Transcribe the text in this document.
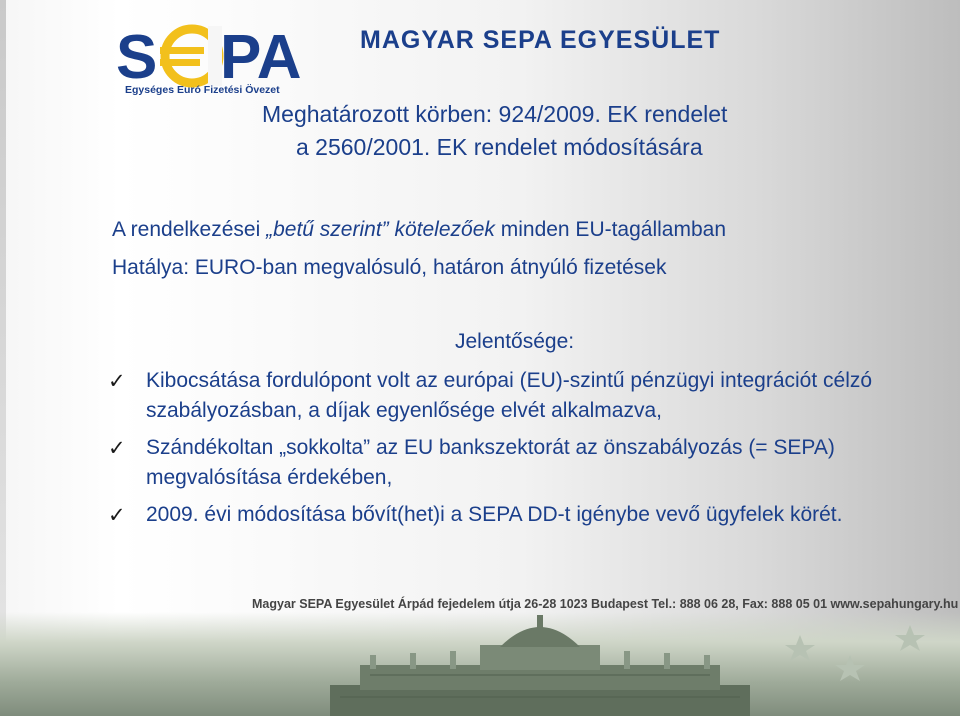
S PA
Egységes Euró Fizetési Övezet
MAGYAR SEPA EGYESÜLET
Meghatározott körben: 924/2009. EK rendelet
a 2560/2001. EK rendelet módosítására
A rendelkezései „betű szerint” kötelezőek minden EU-tagállamban
Hatálya: EURO-ban megvalósuló, határon átnyúló fizetések
Jelentősége:
✓ Kibocsátása fordulópont volt az európai (EU)-szintű pénzügyi integrációt célzó szabályozásban, a díjak egyenlősége elvét alkalmazva,
✓ Szándékoltan „sokkolta” az EU bankszektorát az önszabályozás (= SEPA) megvalósítása érdekében,
✓ 2009. évi módosítása bővít(het)i a SEPA DD-t igénybe vevő ügyfelek körét.
Magyar SEPA Egyesület Árpád fejedelem útja 26-28 1023 Budapest Tel.: 888 06 28, Fax: 888 05 01 www.sepahungary.hu
